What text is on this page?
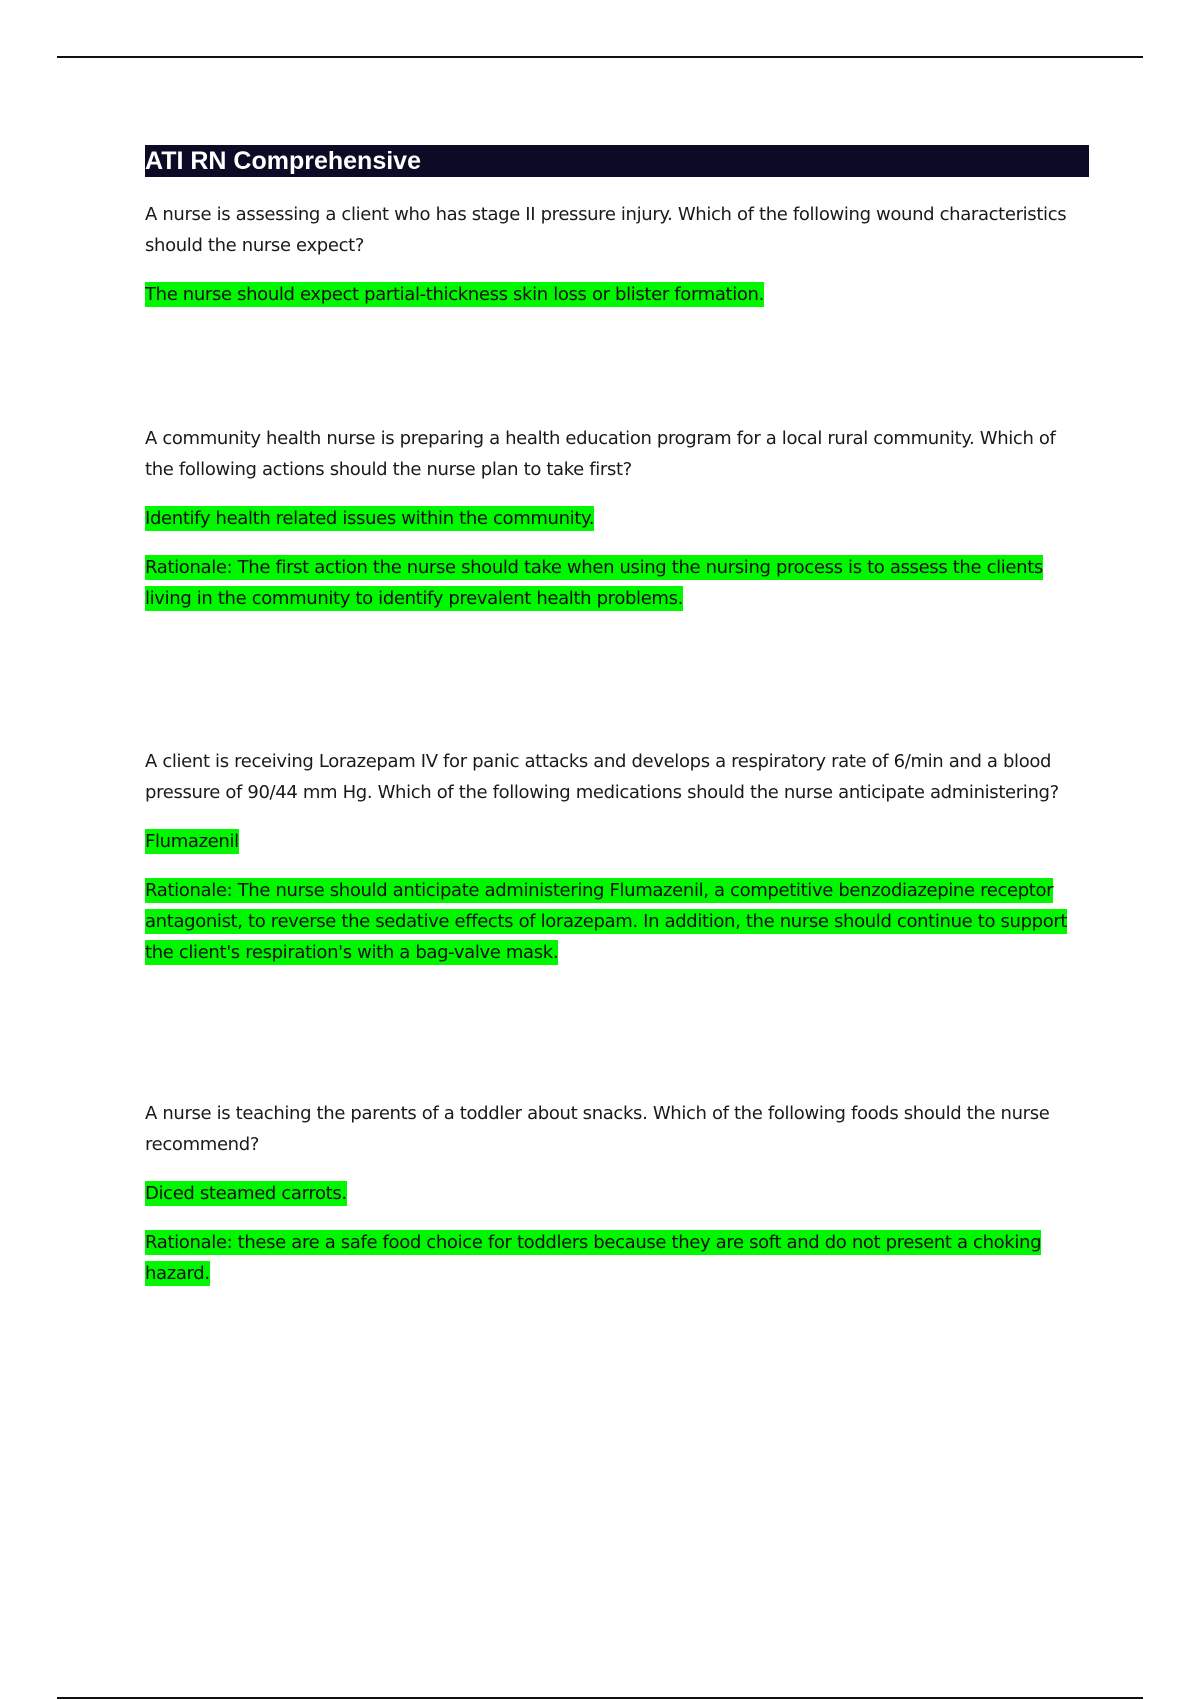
ATI RN Comprehensive

A nurse is assessing a client who has stage II pressure injury. Which of the following wound characteristics should the nurse expect?

The nurse should expect partial-thickness skin loss or blister formation.

A community health nurse is preparing a health education program for a local rural community. Which of the following actions should the nurse plan to take first?

Identify health related issues within the community.

Rationale: The first action the nurse should take when using the nursing process is to assess the clients living in the community to identify prevalent health problems.

A client is receiving Lorazepam IV for panic attacks and develops a respiratory rate of 6/min and a blood pressure of 90/44 mm Hg. Which of the following medications should the nurse anticipate administering?

Flumazenil

Rationale: The nurse should anticipate administering Flumazenil, a competitive benzodiazepine receptor antagonist, to reverse the sedative effects of lorazepam. In addition, the nurse should continue to support the client's respiration's with a bag-valve mask.

A nurse is teaching the parents of a toddler about snacks. Which of the following foods should the nurse recommend?

Diced steamed carrots.

Rationale: these are a safe food choice for toddlers because they are soft and do not present a choking hazard.
